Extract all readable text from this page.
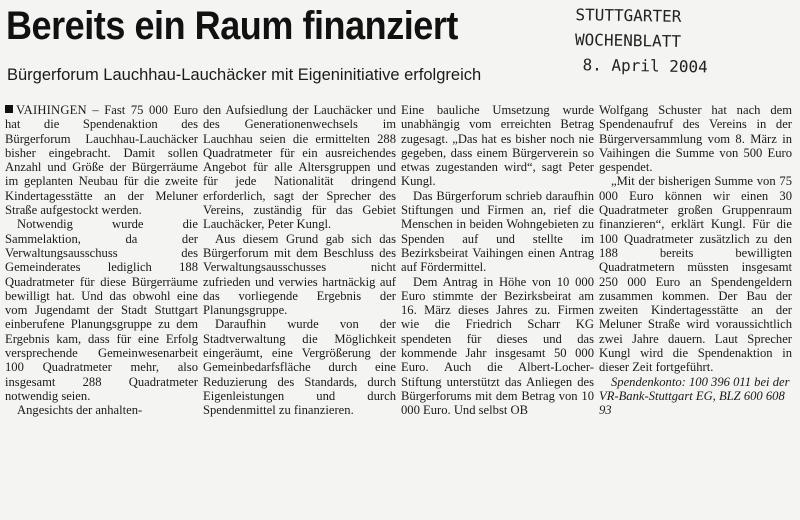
Bereits ein Raum finanziert
Bürgerforum Lauchhau-Lauchäcker mit Eigeninitiative erfolgreich
STUTTGARTER
WOCHENBLATT
8. April 2004

VAIHINGEN – Fast 75 000 Euro hat die Spendenaktion des Bürgerforum Lauchhau-Lauchäcker bisher eingebracht. Damit sollen Anzahl und Größe der Bürgerräume im geplanten Neubau für die zweite Kindertagesstätte an der Meluner Straße aufgestockt werden.

Notwendig wurde die Sammelaktion, da der Verwaltungsausschuss des Gemeinderates lediglich 188 Quadratmeter für diese Bürgerräume bewilligt hat. Und das obwohl eine vom Jugendamt der Stadt Stuttgart einberufene Planungsgruppe zu dem Ergebnis kam, dass für eine Erfolg versprechende Gemeinwesenarbeit 100 Quadratmeter mehr, also insgesamt 288 Quadratmeter notwendig seien.

Angesichts der anhalten-

den Aufsiedlung der Lauchäcker und des Generationenwechsels im Lauchhau seien die ermittelten 288 Quadratmeter für ein ausreichendes Angebot für alle Altersgruppen und für jede Nationalität dringend erforderlich, sagt der Sprecher des Vereins, zuständig für das Gebiet Lauchäcker, Peter Kungl.

Aus diesem Grund gab sich das Bürgerforum mit dem Beschluss des Verwaltungsausschusses nicht zufrieden und verwies hartnäckig auf das vorliegende Ergebnis der Planungsgruppe.

Daraufhin wurde von der Stadtverwaltung die Möglichkeit eingeräumt, eine Vergrößerung der Gemeinbedarfsfläche durch eine Reduzierung des Standards, durch Eigenleistungen und durch Spendenmittel zu finanzieren.

Eine bauliche Umsetzung wurde unabhängig vom erreichten Betrag zugesagt. „Das hat es bisher noch nie gegeben, dass einem Bürgerverein so etwas zugestanden wird“, sagt Peter Kungl.

Das Bürgerforum schrieb daraufhin Stiftungen und Firmen an, rief die Menschen in beiden Wohngebieten zu Spenden auf und stellte im Bezirksbeirat Vaihingen einen Antrag auf Fördermittel.

Dem Antrag in Höhe von 10 000 Euro stimmte der Bezirksbeirat am 16. März dieses Jahres zu. Firmen wie die Friedrich Scharr KG spendeten für dieses und das kommende Jahr insgesamt 50 000 Euro. Auch die Albert-Locher-Stiftung unterstützt das Anliegen des Bürgerforums mit dem Betrag von 10 000 Euro. Und selbst OB

Wolfgang Schuster hat nach dem Spendenaufruf des Vereins in der Bürgerversammlung vom 8. März in Vaihingen die Summe von 500 Euro gespendet.

„Mit der bisherigen Summe von 75 000 Euro können wir einen 30 Quadratmeter großen Gruppenraum finanzieren“, erklärt Kungl. Für die 100 Quadratmeter zusätzlich zu den 188 bereits bewilligten Quadratmetern müssten insgesamt 250 000 Euro an Spendengeldern zusammen kommen. Der Bau der zweiten Kindertagesstätte an der Meluner Straße wird voraussichtlich zwei Jahre dauern. Laut Sprecher Kungl wird die Spendenaktion in dieser Zeit fortgeführt.

Spendenkonto: 100 396 011 bei der VR-Bank-Stuttgart EG, BLZ 600 608 93
